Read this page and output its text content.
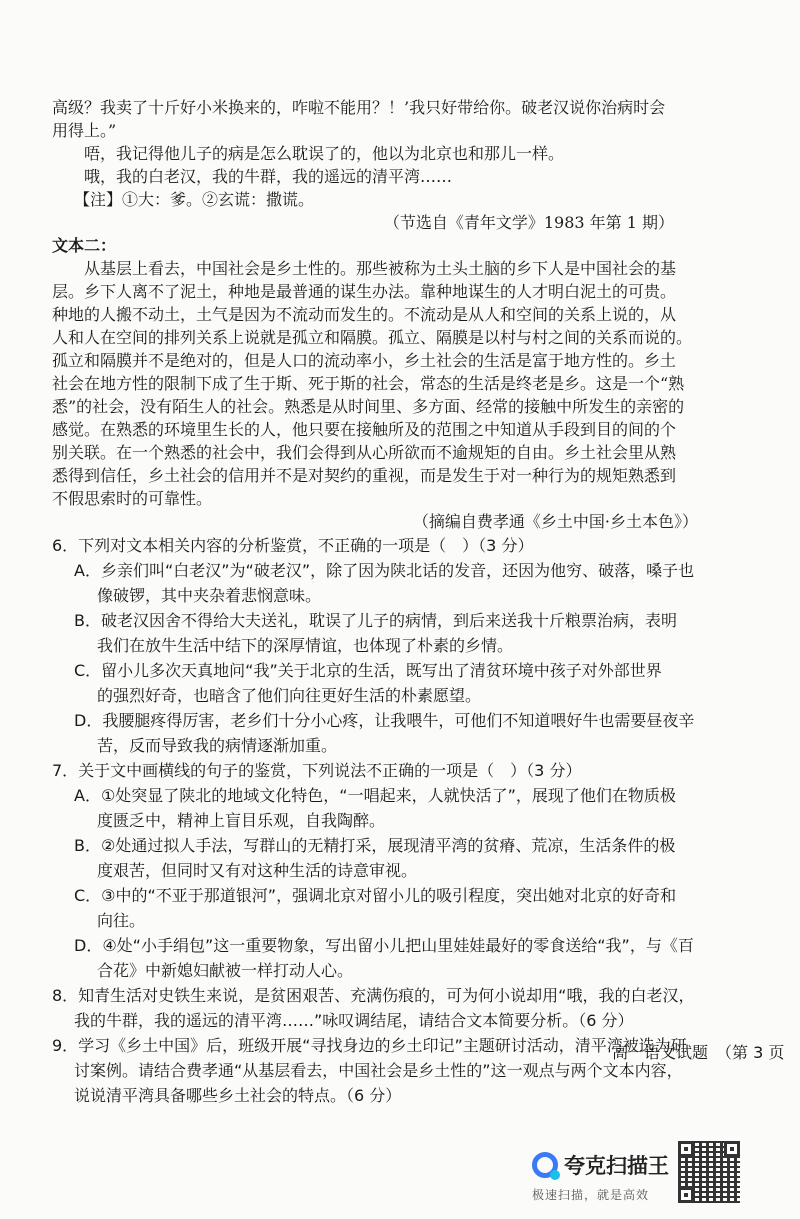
高级？我卖了十斤好小米换来的，咋啦不能用？！’我只好带给你。破老汉说你治病时会
用得上。”
唔，我记得他儿子的病是怎么耽误了的，他以为北京也和那儿一样。
哦，我的白老汉，我的牛群，我的遥远的清平湾……
【注】①大：爹。②玄谎：撒谎。
（节选自《青年文学》1983 年第 1 期）
文本二：
从基层上看去，中国社会是乡土性的。那些被称为土头土脑的乡下人是中国社会的基
层。乡下人离不了泥土，种地是最普通的谋生办法。靠种地谋生的人才明白泥土的可贵。
种地的人搬不动土，土气是因为不流动而发生的。不流动是从人和空间的关系上说的，从
人和人在空间的排列关系上说就是孤立和隔膜。孤立、隔膜是以村与村之间的关系而说的。
孤立和隔膜并不是绝对的，但是人口的流动率小，乡土社会的生活是富于地方性的。乡土
社会在地方性的限制下成了生于斯、死于斯的社会，常态的生活是终老是乡。这是一个“熟
悉”的社会，没有陌生人的社会。熟悉是从时间里、多方面、经常的接触中所发生的亲密的
感觉。在熟悉的环境里生长的人，他只要在接触所及的范围之中知道从手段到目的间的个
别关联。在一个熟悉的社会中，我们会得到从心所欲而不逾规矩的自由。乡土社会里从熟
悉得到信任，乡土社会的信用并不是对契约的重视，而是发生于对一种行为的规矩熟悉到
不假思索时的可靠性。
（摘编自费孝通《乡土中国·乡土本色》）
6．下列对文本相关内容的分析鉴赏，不正确的一项是（　）（3 分）
A．乡亲们叫“白老汉”为“破老汉”，除了因为陕北话的发音，还因为他穷、破落，嗓子也
像破锣，其中夹杂着悲悯意味。
B．破老汉因舍不得给大夫送礼，耽误了儿子的病情，到后来送我十斤粮票治病，表明
我们在放牛生活中结下的深厚情谊，也体现了朴素的乡情。
C．留小儿多次天真地问“我”关于北京的生活，既写出了清贫环境中孩子对外部世界
的强烈好奇，也暗含了他们向往更好生活的朴素愿望。
D．我腰腿疼得厉害，老乡们十分小心疼，让我喂牛，可他们不知道喂好牛也需要昼夜辛
苦，反而导致我的病情逐渐加重。
7．关于文中画横线的句子的鉴赏，下列说法不正确的一项是（　）（3 分）
A．①处突显了陕北的地域文化特色，“一唱起来，人就快活了”，展现了他们在物质极
度匮乏中，精神上盲目乐观，自我陶醉。
B．②处通过拟人手法，写群山的无精打采，展现清平湾的贫瘠、荒凉，生活条件的极
度艰苦，但同时又有对这种生活的诗意审视。
C．③中的“不亚于那道银河”，强调北京对留小儿的吸引程度，突出她对北京的好奇和
向往。
D．④处“小手绢包”这一重要物象，写出留小儿把山里娃娃最好的零食送给“我”，与《百
合花》中新媳妇献被一样打动人心。
8．知青生活对史铁生来说，是贫困艰苦、充满伤痕的，可为何小说却用“哦，我的白老汉，
我的牛群，我的遥远的清平湾……”咏叹调结尾，请结合文本简要分析。（6 分）
9．学习《乡土中国》后，班级开展“寻找身边的乡土印记”主题研讨活动，清平湾被选为研
讨案例。请结合费孝通“从基层看去，中国社会是乡土性的”这一观点与两个文本内容，
说说清平湾具备哪些乡土社会的特点。（6 分）
高一语文试题　（第 3 页
夸克扫描王
极速扫描，就是高效
